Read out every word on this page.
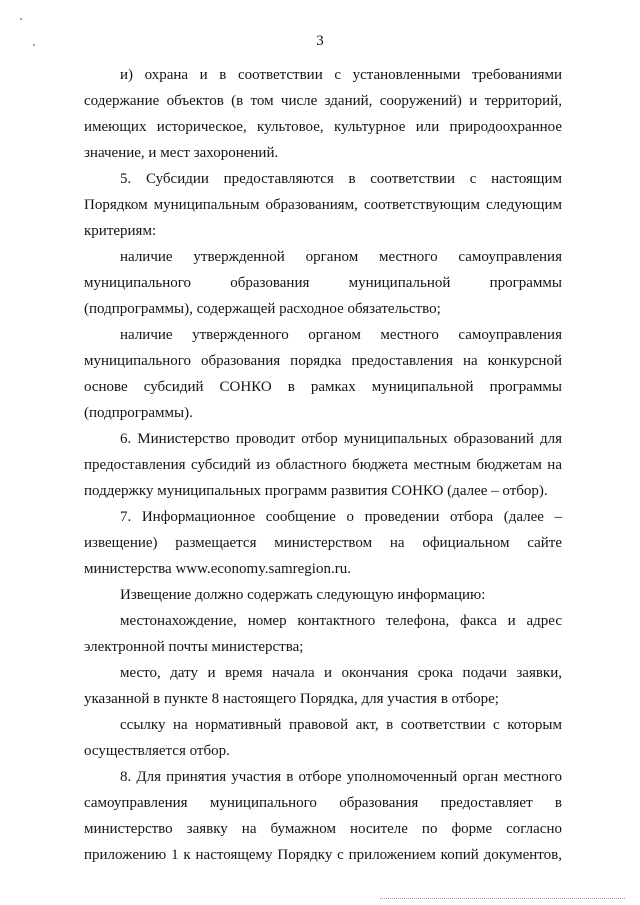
3

и) охрана и в соответствии с установленными требованиями содержание объектов (в том числе зданий, сооружений) и территорий, имеющих историческое, культовое, культурное или природоохранное значение, и мест захоронений.

5. Субсидии предоставляются в соответствии с настоящим Порядком муниципальным образованиям, соответствующим следующим критериям:

наличие утвержденной органом местного самоуправления муниципального образования муниципальной программы (подпрограммы), содержащей расходное обязательство;

наличие утвержденного органом местного самоуправления муниципального образования порядка предоставления на конкурсной основе субсидий СОНКО в рамках муниципальной программы (подпрограммы).

6. Министерство проводит отбор муниципальных образований для предоставления субсидий из областного бюджета местным бюджетам на поддержку муниципальных программ развития СОНКО (далее – отбор).

7. Информационное сообщение о проведении отбора (далее – извещение) размещается министерством на официальном сайте министерства www.economy.samregion.ru.

Извещение должно содержать следующую информацию:

местонахождение, номер контактного телефона, факса и адрес электронной почты министерства;

место, дату и время начала и окончания срока подачи заявки, указанной в пункте 8 настоящего Порядка, для участия в отборе;

ссылку на нормативный правовой акт, в соответствии с которым осуществляется отбор.

8. Для принятия участия в отборе уполномоченный орган местного самоуправления муниципального образования предоставляет в министерство заявку на бумажном носителе по форме согласно приложению 1 к настоящему Порядку с приложением копий документов,
